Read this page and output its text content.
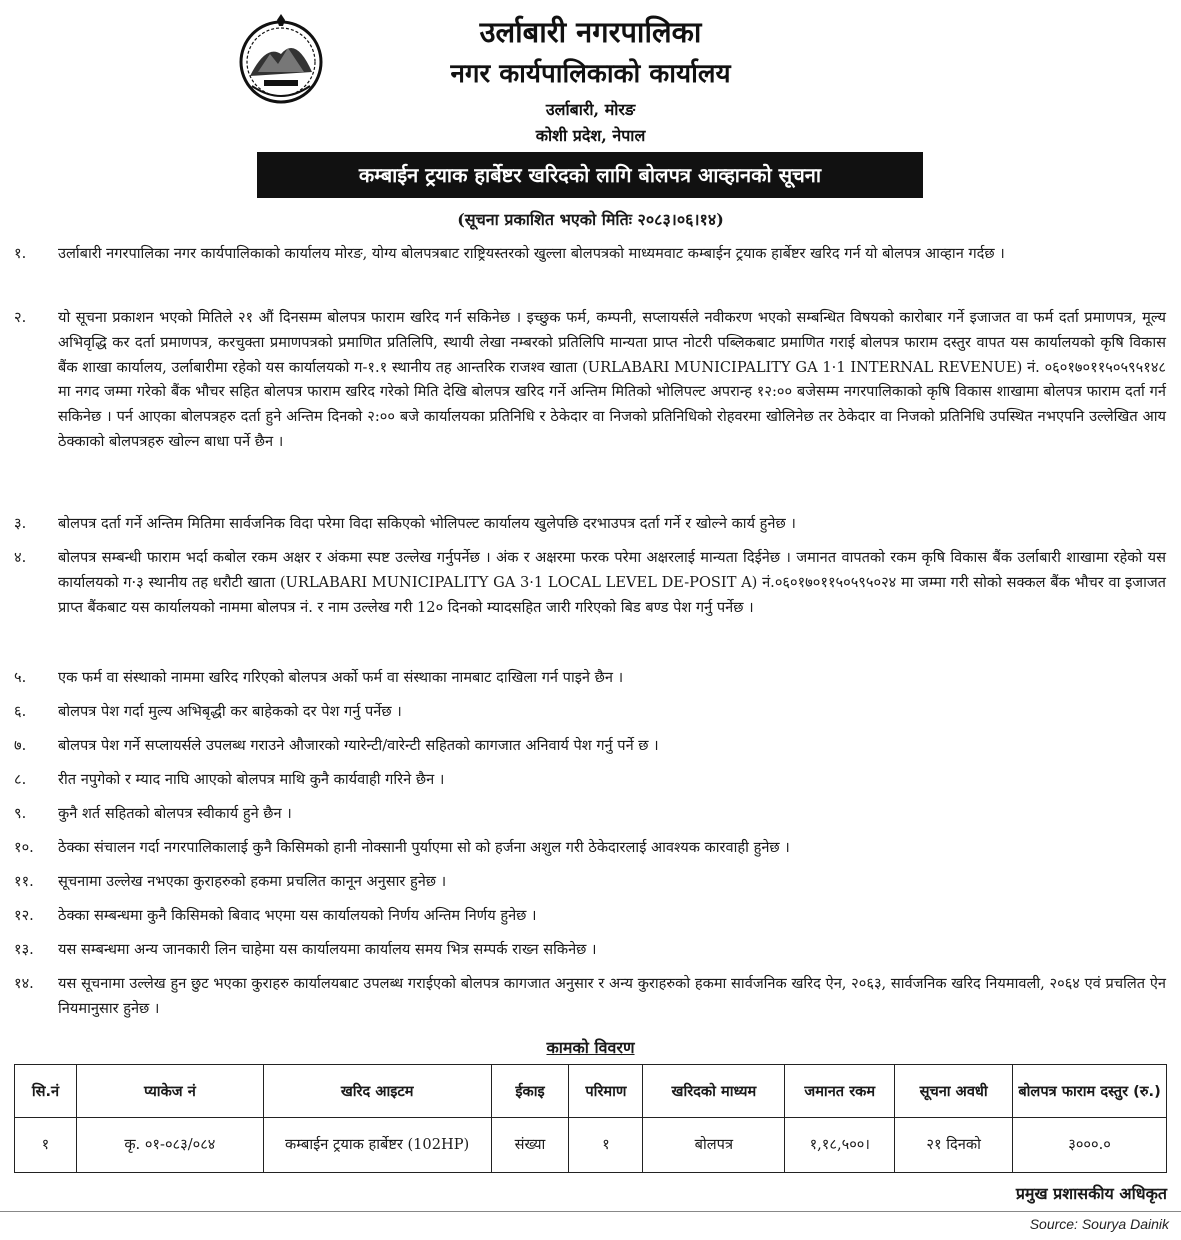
उर्लाबारी नगरपालिका
नगर कार्यपालिकाको कार्यालय
उर्लाबारी, मोरङ
कोशी प्रदेश, नेपाल
कम्बाईन ट्रयाक हार्बेष्टर खरिदको लागि बोलपत्र आव्हानको सूचना
(सूचना प्रकाशित भएको मितिः २०८३।०६।१४)
१.	उर्लाबारी नगरपालिका नगर कार्यपालिकाको कार्यालय मोरङ, योग्य बोलपत्रबाट राष्ट्रियस्तरको खुल्ला बोलपत्रको माध्यमवाट कम्बाईन ट्रयाक हार्बेष्टर खरिद गर्न यो बोलपत्र आव्हान गर्दछ ।
२.	यो सूचना प्रकाशन भएको मितिले २१ औं दिनसम्म बोलपत्र फाराम खरिद गर्न सकिनेछ । इच्छुक फर्म, कम्पनी, सप्लायर्सले नवीकरण भएको सम्बन्धित विषयको कारोबार गर्ने इजाजत वा फर्म दर्ता प्रमाणपत्र, मूल्य अभिवृद्धि कर दर्ता प्रमाणपत्र, करचुक्ता प्रमाणपत्रको प्रमाणित प्रतिलिपि, स्थायी लेखा नम्बरको प्रतिलिपि मान्यता प्राप्त नोटरी पब्लिकबाट प्रमाणित गराई बोलपत्र फाराम दस्तुर वापत यस कार्यालयको कृषि विकास बैंक शाखा कार्यालय, उर्लाबारीमा रहेको यस कार्यालयको ग-१.१ स्थानीय तह आन्तरिक राजश्व खाता (URLABARI MUNICIPALITY GA 1·1 INTERNAL REVENUE) नं. ०६०१७०११५०५९५१४८ मा नगद जम्मा गरेको बैंक भौचर सहित बोलपत्र फाराम खरिद गरेको मिति देखि बोलपत्र खरिद गर्ने अन्तिम मितिको भोलिपल्ट अपरान्ह १२:०० बजेसम्म नगरपालिकाको कृषि विकास शाखामा बोलपत्र फाराम दर्ता गर्न सकिनेछ । पर्न आएका बोलपत्रहरु दर्ता हुने अन्तिम दिनको २:०० बजे कार्यालयका प्रतिनिधि र ठेकेदार वा निजको प्रतिनिधिको रोहवरमा खोलिनेछ तर ठेकेदार वा निजको प्रतिनिधि उपस्थित नभएपनि उल्लेखित आय ठेक्काको बोलपत्रहरु खोल्न बाधा पर्ने छैन ।
३.	बोलपत्र दर्ता गर्ने अन्तिम मितिमा सार्वजनिक विदा परेमा विदा सकिएको भोलिपल्ट कार्यालय खुलेपछि दरभाउपत्र दर्ता गर्ने र खोल्ने कार्य हुनेछ ।
४.	बोलपत्र सम्बन्धी फाराम भर्दा कबोल रकम अक्षर र अंकमा स्पष्ट उल्लेख गर्नुपर्नेछ । अंक र अक्षरमा फरक परेमा अक्षरलाई मान्यता दिईनेछ । जमानत वापतको रकम कृषि विकास बैंक उर्लाबारी शाखामा रहेको यस कार्यालयको ग·३ स्थानीय तह धरौटी खाता (URLABARI MUNICIPALITY GA 3·1 LOCAL LEVEL DE-POSIT A) नं.०६०१७०११५०५९५०२४ मा जम्मा गरी सोको सक्कल बैंक भौचर वा इजाजत प्राप्त बैंकबाट यस कार्यालयको नाममा बोलपत्र नं. र नाम उल्लेख गरी 12० दिनको म्यादसहित जारी गरिएको बिड बण्ड पेश गर्नु पर्नेछ ।
५.	एक फर्म वा संस्थाको नाममा खरिद गरिएको बोलपत्र अर्को फर्म वा संस्थाका नामबाट दाखिला गर्न पाइने छैन ।
६.	बोलपत्र पेश गर्दा मुल्य अभिबृद्धी कर बाहेकको दर पेश गर्नु पर्नेछ ।
७.	बोलपत्र पेश गर्ने सप्लायर्सले उपलब्ध गराउने औजारको ग्यारेन्टी/वारेन्टी सहितको कागजात अनिवार्य पेश गर्नु पर्ने छ ।
८.	रीत नपुगेको र म्याद नाघि आएको बोलपत्र माथि कुनै कार्यवाही गरिने छैन ।
९.	कुनै शर्त सहितको बोलपत्र स्वीकार्य हुने छैन ।
१०.	ठेक्का संचालन गर्दा नगरपालिकालाई कुनै किसिमको हानी नोक्सानी पुर्याएमा सो को हर्जना अशुल गरी ठेकेदारलाई आवश्यक कारवाही हुनेछ ।
११.	सूचनामा उल्लेख नभएका कुराहरुको हकमा प्रचलित कानून अनुसार हुनेछ ।
१२.	ठेक्का सम्बन्धमा कुनै किसिमको बिवाद भएमा यस कार्यालयको निर्णय अन्तिम निर्णय हुनेछ ।
१३.	यस सम्बन्धमा अन्य जानकारी लिन चाहेमा यस कार्यालयमा कार्यालय समय भित्र सम्पर्क राख्न सकिनेछ ।
१४.	यस सूचनामा उल्लेख हुन छुट भएका कुराहरु कार्यालयबाट उपलब्ध गराईएको बोलपत्र कागजात अनुसार र अन्य कुराहरुको हकमा सार्वजनिक खरिद ऐन, २०६३, सार्वजनिक खरिद नियमावली, २०६४ एवं प्रचलित ऐन नियमानुसार हुनेछ ।
कामको विवरण
सि.नं	प्याकेज नं	खरिद आइटम	ईकाइ	परिमाण	खरिदको माध्यम	जमानत रकम	सूचना अवधी	बोलपत्र फाराम दस्तुर (रु.)
१	कृ. ०१-०८३/०८४	कम्बाईन ट्रयाक हार्बेष्टर (102HP)	संख्या	१	बोलपत्र	१,१८,५००।	२१ दिनको	३०००.०
प्रमुख प्रशासकीय अधिकृत
Source: Sourya Dainik
